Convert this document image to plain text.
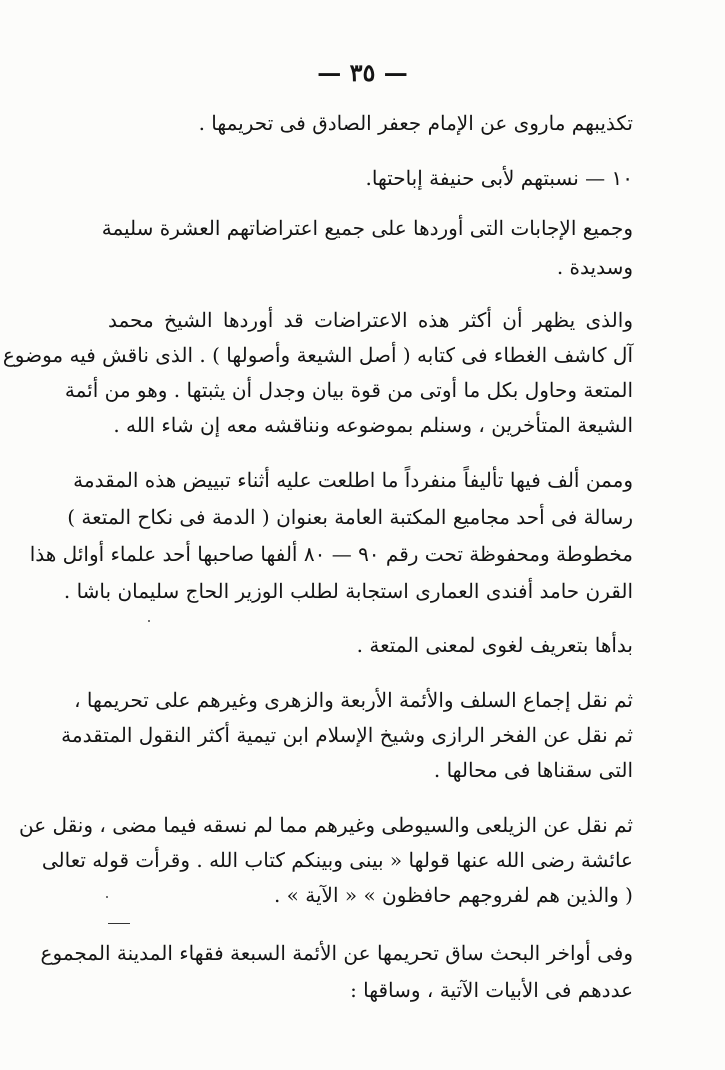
— ٣٥ —
تكذيبهم ماروى عن الإمام جعفر الصادق فى تحريمها .
١٠ — نسبتهم لأبى حنيفة إباحتها.
وجميع الإجابات التى أوردها على جميع اعتراضاتهم العشرة سليمة
وسديدة .
والذى يظهر أن أكثر هذه الاعتراضات قد أوردها الشيخ محمد
آل كاشف الغطاء فى كتابه ( أصل الشيعة وأصولها ) . الذى ناقش فيه موضوع
المتعة وحاول بكل ما أوتى من قوة بيان وجدل أن يثبتها . وهو من أئمة
الشيعة المتأخرين ، وسنلم بموضوعه ونناقشه معه إن شاء الله .
وممن ألف فيها تأليفاً منفرداً ما اطلعت عليه أثناء تبييض هذه المقدمة
رسالة فى أحد مجاميع المكتبة العامة بعنوان ( الدمة فى نكاح المتعة )
مخطوطة ومحفوظة تحت رقم ٩٠ — ٨٠ ألفها صاحبها أحد علماء أوائل هذا
القرن حامد أفندى العمارى استجابة لطلب الوزير الحاج سليمان باشا .
بدأها بتعريف لغوى لمعنى المتعة .
ثم نقل إجماع السلف والأئمة الأربعة والزهرى وغيرهم على تحريمها ،
ثم نقل عن الفخر الرازى وشيخ الإسلام ابن تيمية أكثر النقول المتقدمة
التى سقناها فى محالها .
ثم نقل عن الزيلعى والسيوطى وغيرهم مما لم نسقه فيما مضى ، ونقل عن
عائشة رضى الله عنها قولها « بينى وبينكم كتاب الله . وقرأت قوله تعالى
( والذين هم لفروجهم حافظون » « الآية » .
وفى أواخر البحث ساق تحريمها عن الأئمة السبعة فقهاء المدينة المجموع
عددهم فى الأبيات الآتية ، وساقها :
